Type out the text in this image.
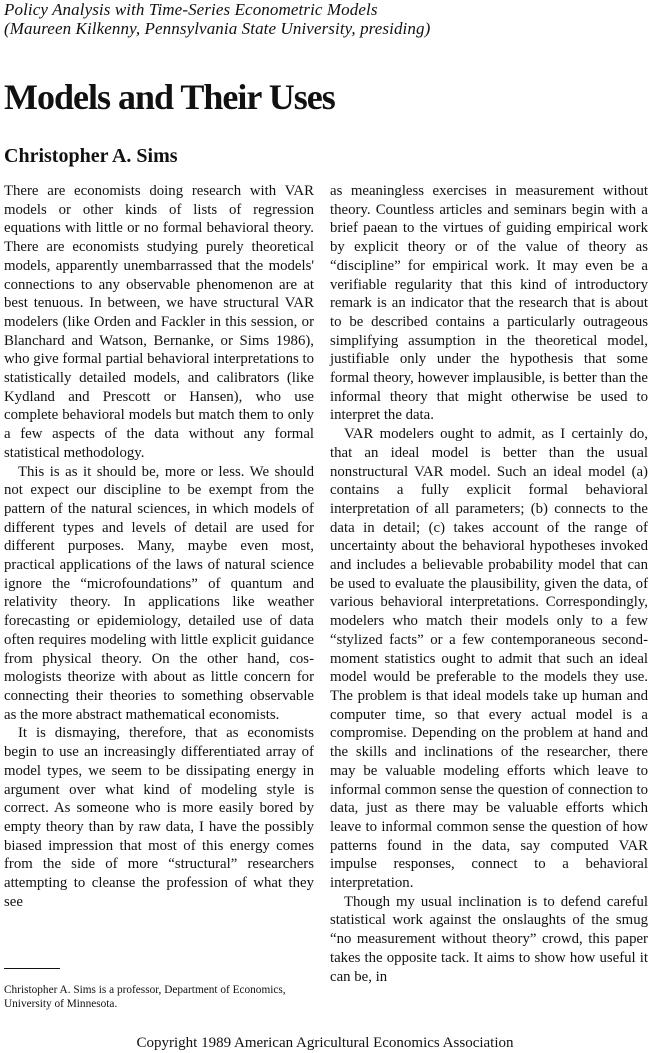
Policy Analysis with Time-Series Econometric Models
(Maureen Kilkenny, Pennsylvania State University, presiding)
Models and Their Uses
Christopher A. Sims

There are economists doing research with VAR models or other kinds of lists of regression equations with little or no formal behavioral theory. There are economists studying purely theoretical models, apparently unembarrassed that the models' connections to any observable phenomenon are at best tenuous. In between, we have structural VAR modelers (like Orden and Fackler in this session, or Blanchard and Watson, Bernanke, or Sims 1986), who give formal partial behavioral interpretations to statistically detailed models, and calibrators (like Kydland and Prescott or Hansen), who use complete behavioral models but match them to only a few aspects of the data without any formal statistical methodology.

This is as it should be, more or less. We should not expect our discipline to be exempt from the pattern of the natural sciences, in which models of different types and levels of detail are used for different purposes. Many, maybe even most, practical applications of the laws of natural science ignore the “microfoundations” of quantum and relativity theory. In applications like weather forecasting or epidemiology, detailed use of data often requires modeling with little explicit guidance from physical theory. On the other hand, cosmologists theorize with about as little concern for connecting their theories to something observable as the more abstract mathematical economists.

It is dismaying, therefore, that as economists begin to use an increasingly differentiated array of model types, we seem to be dissipating energy in argument over what kind of modeling style is correct. As someone who is more easily bored by empty theory than by raw data, I have the possibly biased impression that most of this energy comes from the side of more “structural” researchers attempting to cleanse the profession of what they see

as meaningless exercises in measurement without theory. Countless articles and seminars begin with a brief paean to the virtues of guiding empirical work by explicit theory or of the value of theory as “discipline” for empirical work. It may even be a verifiable regularity that this kind of introductory remark is an indicator that the research that is about to be described contains a particularly outrageous simplifying assumption in the theoretical model, justifiable only under the hypothesis that some formal theory, however implausible, is better than the informal theory that might otherwise be used to interpret the data.

VAR modelers ought to admit, as I certainly do, that an ideal model is better than the usual nonstructural VAR model. Such an ideal model (a) contains a fully explicit formal behavioral interpretation of all parameters; (b) connects to the data in detail; (c) takes account of the range of uncertainty about the behavioral hypotheses invoked and includes a believable probability model that can be used to evaluate the plausibility, given the data, of various behavioral interpretations. Correspondingly, modelers who match their models only to a few “stylized facts” or a few contemporaneous second-moment statistics ought to admit that such an ideal model would be preferable to the models they use. The problem is that ideal models take up human and computer time, so that every actual model is a compromise. Depending on the problem at hand and the skills and inclinations of the researcher, there may be valuable modeling efforts which leave to informal common sense the question of connection to data, just as there may be valuable efforts which leave to informal common sense the question of how patterns found in the data, say computed VAR impulse responses, connect to a behavioral interpretation.

Though my usual inclination is to defend careful statistical work against the onslaughts of the smug “no measurement without theory” crowd, this paper takes the opposite tack. It aims to show how useful it can be, in

Christopher A. Sims is a professor, Department of Economics, University of Minnesota.
Copyright 1989 American Agricultural Economics Association
